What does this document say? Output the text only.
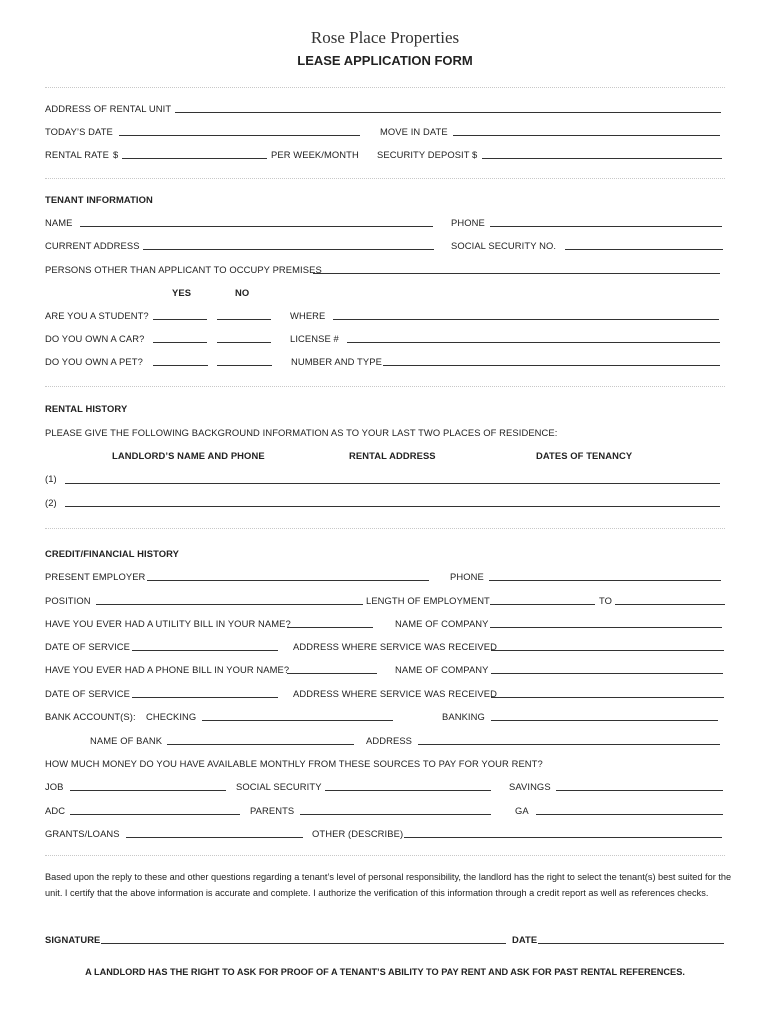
Rose Place Properties
LEASE APPLICATION FORM
ADDRESS OF RENTAL UNIT
TODAY’S DATE	MOVE IN DATE
RENTAL RATE $	PER WEEK/MONTH SECURITY DEPOSIT $
TENANT INFORMATION
NAME	PHONE
CURRENT ADDRESS	SOCIAL SECURITY NO.
PERSONS OTHER THAN APPLICANT TO OCCUPY PREMISES
YES	NO
ARE YOU A STUDENT?	WHERE
DO YOU OWN A CAR?	LICENSE #
DO YOU OWN A PET?	NUMBER AND TYPE
RENTAL HISTORY
PLEASE GIVE THE FOLLOWING BACKGROUND INFORMATION AS TO YOUR LAST TWO PLACES OF RESIDENCE:
LANDLORD’S NAME AND PHONE	RENTAL ADDRESS	DATES OF TENANCY
(1)
(2)
CREDIT/FINANCIAL HISTORY
PRESENT EMPLOYER	PHONE
POSITION	LENGTH OF EMPLOYMENT	TO
HAVE YOU EVER HAD A UTILITY BILL IN YOUR NAME?	NAME OF COMPANY
DATE OF SERVICE	ADDRESS WHERE SERVICE WAS RECEIVED
HAVE YOU EVER HAD A PHONE BILL IN YOUR NAME?	NAME OF COMPANY
DATE OF SERVICE	ADDRESS WHERE SERVICE WAS RECEIVED
BANK ACCOUNT(S): CHECKING	BANKING
NAME OF BANK	ADDRESS
HOW MUCH MONEY DO YOU HAVE AVAILABLE MONTHLY FROM THESE SOURCES TO PAY FOR YOUR RENT?
JOB	SOCIAL SECURITY	SAVINGS
ADC	PARENTS	GA
GRANTS/LOANS	OTHER (DESCRIBE)
Based upon the reply to these and other questions regarding a tenant’s level of personal responsibility, the landlord has the right to select the tenant(s) best suited for the unit. I certify that the above information is accurate and complete. I authorize the verification of this information through a credit report as well as references checks.
SIGNATURE	DATE
A LANDLORD HAS THE RIGHT TO ASK FOR PROOF OF A TENANT’S ABILITY TO PAY RENT AND ASK FOR PAST RENTAL REFERENCES.
